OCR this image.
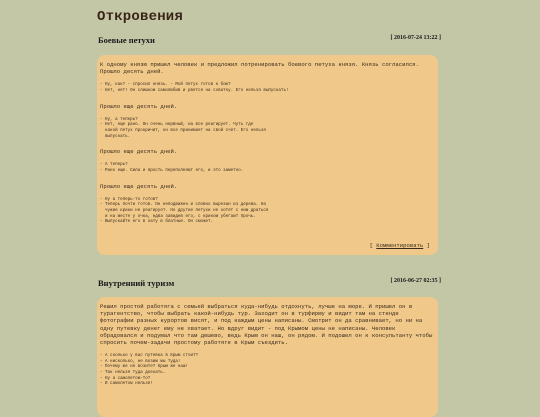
Откровения
Боевые петухи	[ 2016-07-24 13:22 ]

К одному князю пришел человек и предложил потренировать боевого петуха князя. Князь согласился. Прошло десять дней.

- Ну, как? - спросил князь. - Мой петух готов к бою?

- Нет, нет! Он слишком самолюбив и рвется на схватку. Его нельзя выпускать!

Прошло еще десять дней.

- Ну, а теперь?

- Нет, еще рано. Он очень нервный, на все реагирует. Чуть где

какой петух прокричит, он все принимает на свой счет. Его нельзя

выпускать.

Прошло еще десять дней.

- А теперь?

- Рано еще. Сила и ярость переполняют его, и это заметно.

Прошло еще десять дней.

- Ну а теперь-то готов?

- Теперь почти готов. Он неподвижен и словно вырезан из дерева. На

чужие крики не реагирует. Но другие петухи не хотят с ним драться

и на месте у очка, едва завидев его, с криком убегают прочь.

- Выпускайте его в хату в блатные. Он сможет.

[ Комментировать ]
Внутренний туризм	[ 2016-06-27 02:35 ]

Решил простой работяга с семьей выбраться куда-нибудь отдохнуть, лучше на море. И пришел он в турагентство, чтобы выбрать какой-нибудь тур. Заходит он в турфирму и видит там на стенде фотографии разных курортов висят, и под каждым цены написаны. Смотрит он да сравнивает, но ни на одну путевку денег ему не хватает. Но вдруг видит - под Крымом цены не написаны. Человек обрадовался и подумал что там дешево, ведь Крым он наш, он рядом. И подошел он к консультанту чтобы спросить почем-задачи простому работяге в Крым съездить.

- А сколько у вас путевка в Крым стоит?

- А нисколько, не возим мы туда!

- Почему же не возите? Крым же наш!

- Так нельзя туда доехать.

- Ну а самолетом-то?

- И самолетом нельзя!
